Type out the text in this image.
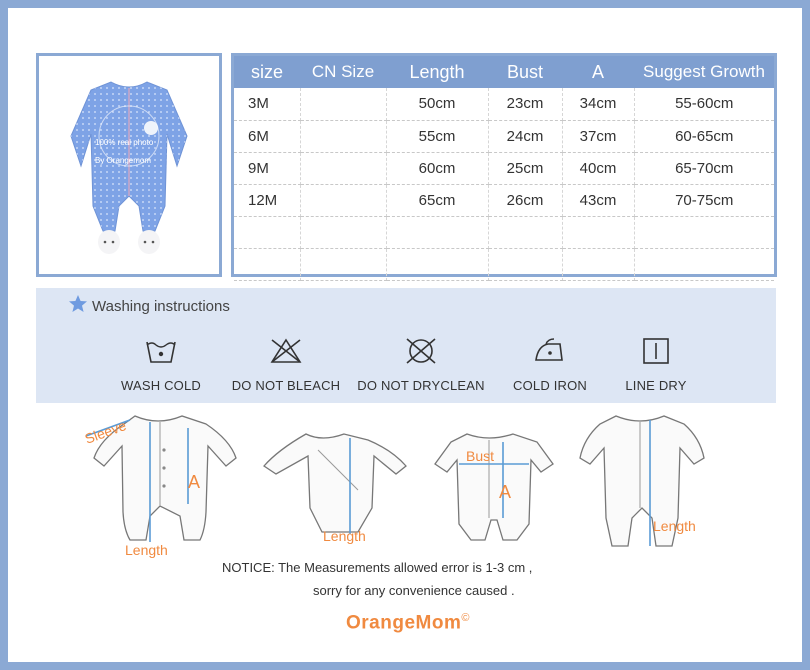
100% real photo
By Orangemom
size	CN Size	Length	Bust	A	Suggest Growth
3M		50cm	23cm	34cm	55-60cm
6M		55cm	24cm	37cm	60-65cm
9M		60cm	25cm	40cm	65-70cm
12M		65cm	26cm	43cm	70-75cm

Washing instructions
WASH COLD	DO NOT BLEACH	DO NOT DRYCLEAN	COLD IRON	LINE DRY
Sleeve
A
Length
Length
Bust
A
Length
NOTICE: The Measurements allowed error is 1-3 cm ,
sorry for any convenience caused .
OrangeMom©
